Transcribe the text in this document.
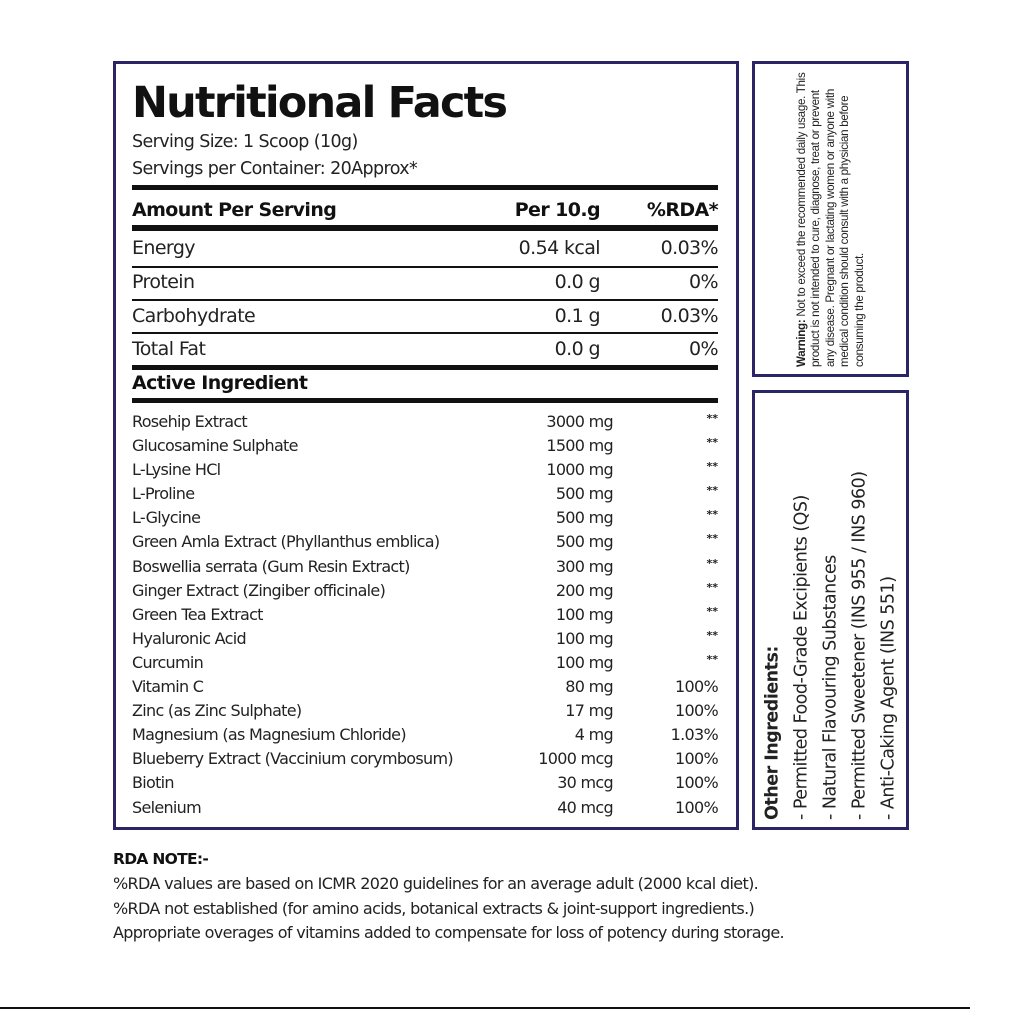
Nutritional Facts
Serving Size: 1 Scoop (10g)
Servings per Container: 20Approx*
Amount Per Serving	Per 10.g %RDA*
Energy	0.54 kcal	0.03%
Protein	0.0 g	0%
Carbohydrate	0.1 g	0.03%
Total Fat	0.0 g	0%
Active Ingredient
Rosehip Extract	3000 mg	**
Glucosamine Sulphate	1500 mg	**
L-Lysine HCl	1000 mg	**
L-Proline	500 mg	**
L-Glycine	500 mg	**
Green Amla Extract (Phyllanthus emblica)	500 mg	**
Boswellia serrata (Gum Resin Extract)	300 mg	**
Ginger Extract (Zingiber officinale)	200 mg	**
Green Tea Extract	100 mg	**
Hyaluronic Acid	100 mg	**
Curcumin	100 mg	**
Vitamin C	80 mg	100%
Zinc (as Zinc Sulphate)	17 mg	100%
Magnesium (as Magnesium Chloride)	4 mg	1.03%
Blueberry Extract (Vaccinium corymbosum)	1000 mcg	100%
Biotin	30 mcg	100%
Selenium	40 mcg	100%
Warning: Not to exceed the recommended daily usage. This product is not intended to cure, diagnose, treat or prevent any disease. Pregnant or lactating women or anyone with medical condition should consult with a physician before consuming the product.
Other Ingredients: - Permitted Food-Grade Excipients (QS) - Natural Flavouring Substances - Permitted Sweetener (INS 955 / INS 960) - Anti-Caking Agent (INS 551)
RDA NOTE:-
%RDA values are based on ICMR 2020 guidelines for an average adult (2000 kcal diet).
%RDA not established (for amino acids, botanical extracts & joint-support ingredients.)
Appropriate overages of vitamins added to compensate for loss of potency during storage.
